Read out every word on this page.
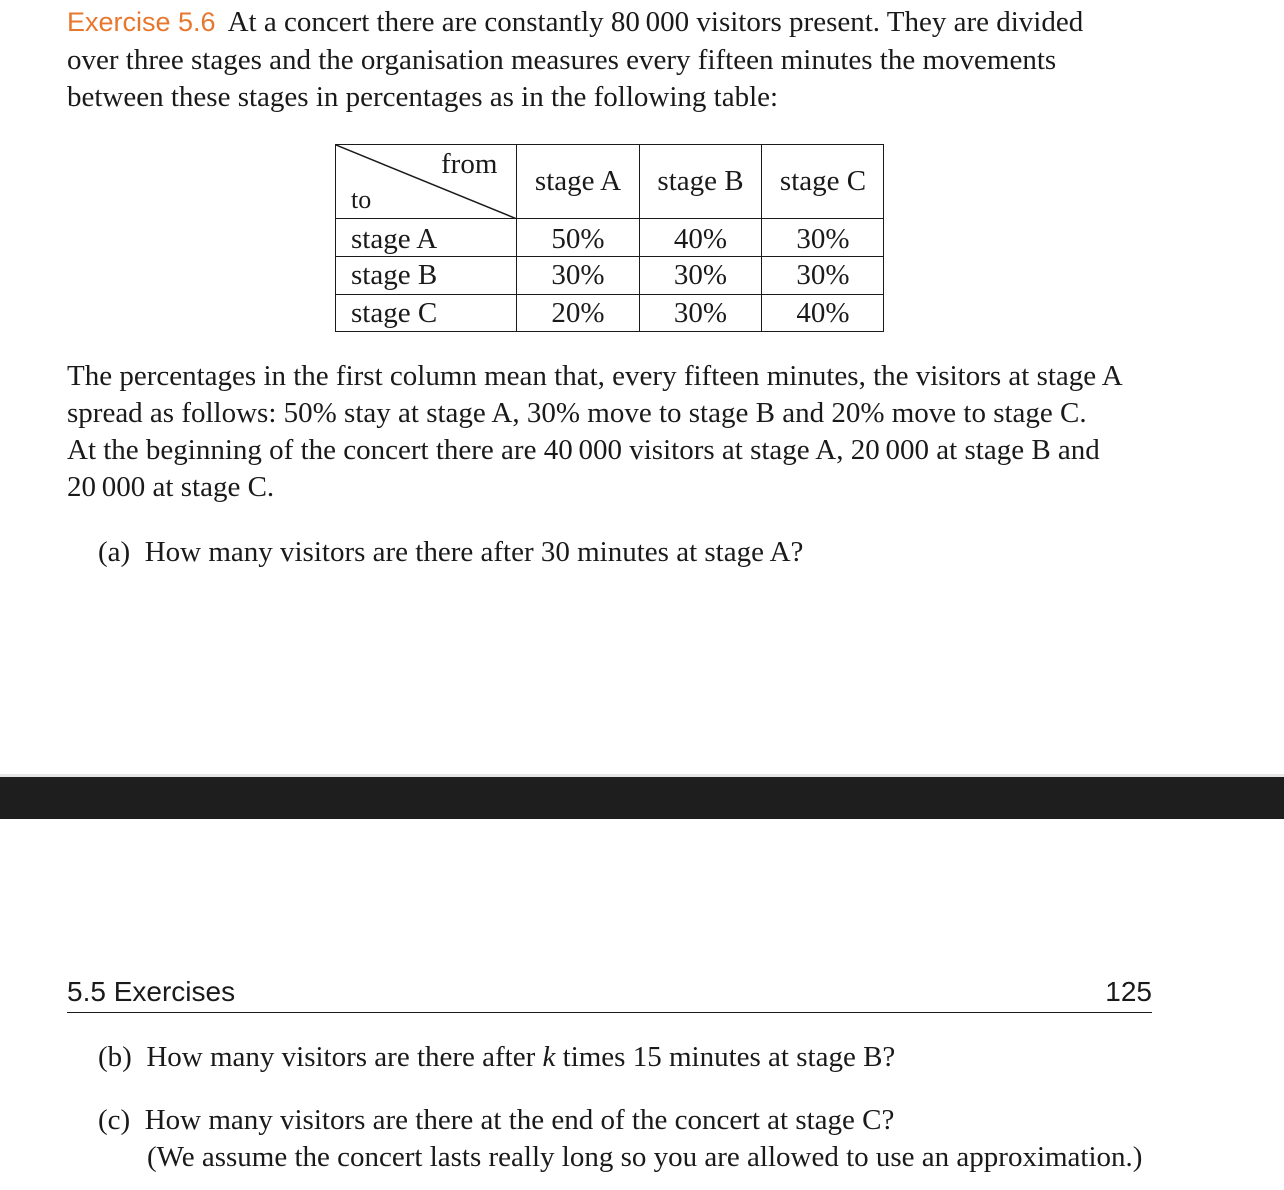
Exercise 5.6 At a concert there are constantly 80 000 visitors present. They are divided
over three stages and the organisation measures every fifteen minutes the movements
between these stages in percentages as in the following table:
from
to
stage A	stage B	stage C
stage A	50%	40%	30%
stage B	30%	30%	30%
stage C	20%	30%	40%
The percentages in the first column mean that, every fifteen minutes, the visitors at stage A
spread as follows: 50% stay at stage A, 30% move to stage B and 20% move to stage C.
At the beginning of the concert there are 40 000 visitors at stage A, 20 000 at stage B and
20 000 at stage C.
(a) How many visitors are there after 30 minutes at stage A?
5.5 Exercises	125
(b) How many visitors are there after k times 15 minutes at stage B?
(c) How many visitors are there at the end of the concert at stage C?
(We assume the concert lasts really long so you are allowed to use an approximation.)
